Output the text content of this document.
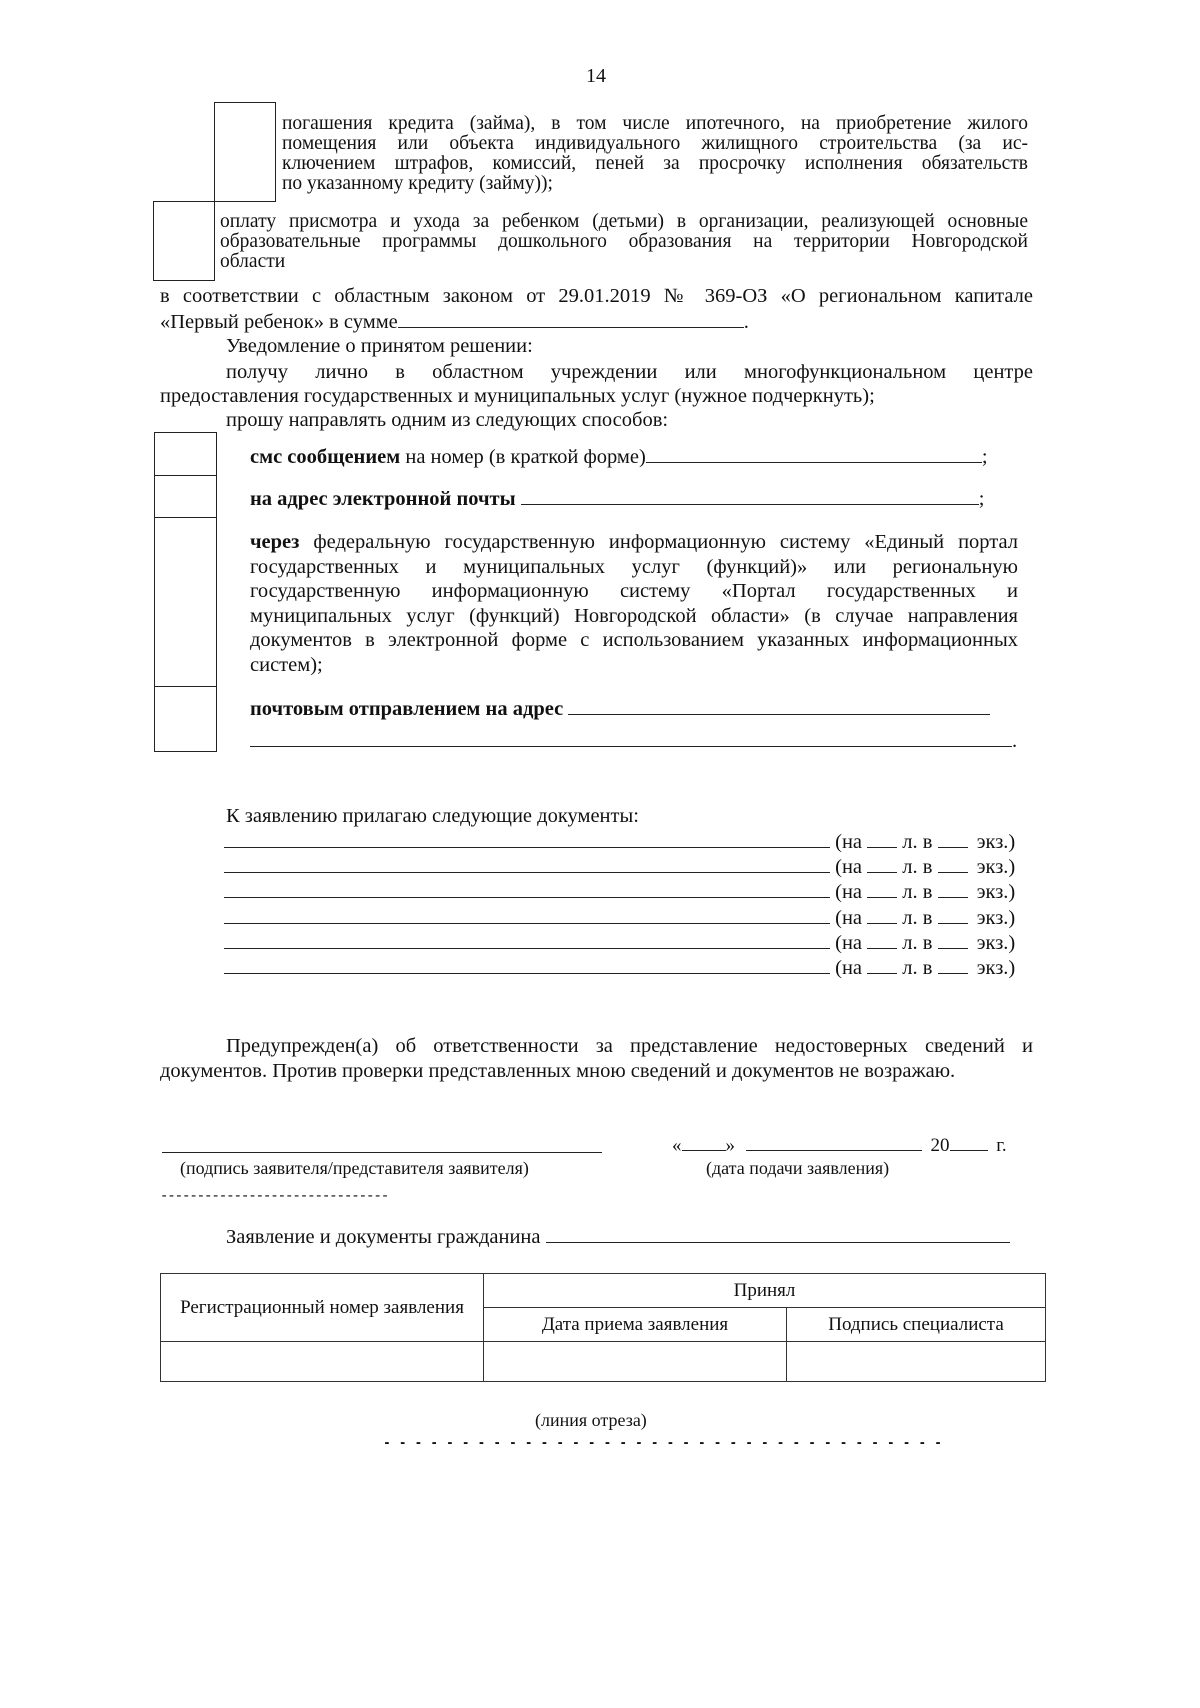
14
погашения кредита (займа), в том числе ипотечного, на приобретение жилого
помещения или объекта индивидуального жилищного строительства (за ис-
ключением штрафов, комиссий, пеней за просрочку исполнения обязательств
по указанному кредиту (займу));
оплату присмотра и ухода за ребенком (детьми) в организации, реализующей основные
образовательные программы дошкольного образования на территории Новгородской
области
в соответствии с областным законом от 29.01.2019 № 369-ОЗ «О региональном капитале
«Первый ребенок» в сумме	.
Уведомление о принятом решении:
получу лично в областном учреждении или многофункциональном центре
предоставления государственных и муниципальных услуг (нужное подчеркнуть);
прошу направлять одним из следующих способов:
смс сообщением на номер (в краткой форме)	;
на адрес электронной почты	;
через федеральную государственную информационную систему «Единый портал
государственных и муниципальных услуг (функций)» или региональную
государственную информационную систему «Портал государственных и
муниципальных услуг (функций) Новгородской области» (в случае направления
документов в электронной форме с использованием указанных информационных
систем);
почтовым отправлением на адрес
.
К заявлению прилагаю следующие документы:
(на л. в экз.)
(на л. в экз.)
(на л. в экз.)
(на л. в экз.)
(на л. в экз.)
(на л. в экз.)
Предупрежден(а) об ответственности за представление недостоверных сведений и
документов. Против проверки представленных мною сведений и документов не возражаю.
(подпись заявителя/представителя заявителя)
« »	20 г.
(дата подачи заявления)
-------------------------------
Заявление и документы гражданина
Регистрационный номер заявления	Принял	
	Дата приема заявления	Подпись специалиста

(линия отреза)
- - - - - - - - - - - - - - - - - - - - - - - - - - - - - - - - - - - -
